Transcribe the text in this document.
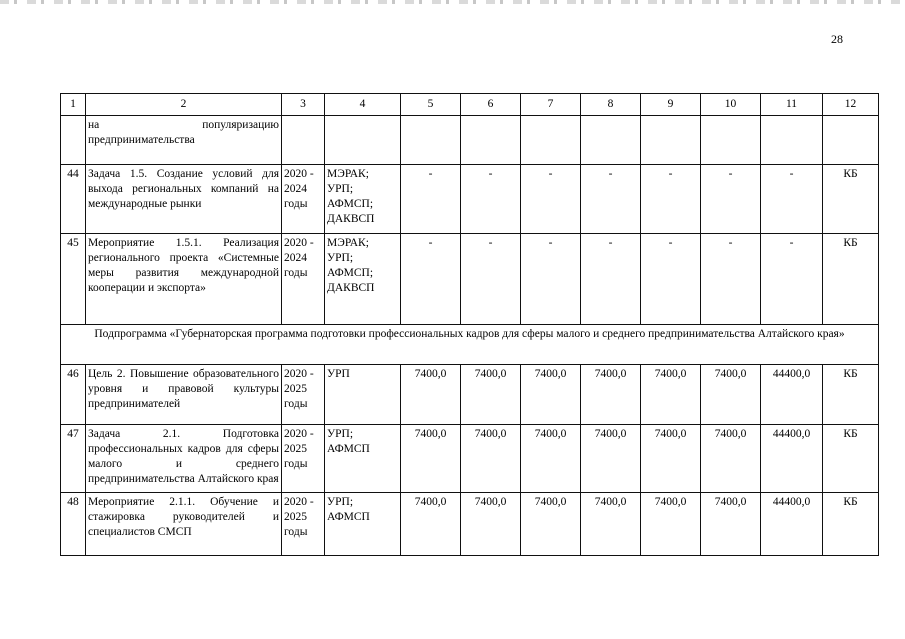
28
1	2	3	4	5	6	7	8	9	10	11	12
	на популяризацию предпринимательства										
44	Задача 1.5. Создание условий для выхода региональных компаний на международные рынки	2020 - 2024 годы	МЭРАК;
УРП;
АФМСП;
ДАКВСП	-	-	-	-	-	-	-	КБ
45	Мероприятие 1.5.1. Реализация регионального проекта «Системные меры развития международной кооперации и экспорта»	2020 - 2024 годы	МЭРАК;
УРП;
АФМСП;
ДАКВСП	-	-	-	-	-	-	-	КБ
Подпрограмма «Губернаторская программа подготовки профессиональных кадров для сферы малого и среднего предпринимательства Алтайского края»											
46	Цель 2. Повышение образовательного уровня и правовой культуры предпринимателей	2020 - 2025 годы	УРП	7400,0	7400,0	7400,0	7400,0	7400,0	7400,0	44400,0	КБ
47	Задача 2.1. Подготовка профессиональных кадров для сферы малого и среднего предпринимательства Алтайского края	2020 - 2025 годы	УРП;
АФМСП	7400,0	7400,0	7400,0	7400,0	7400,0	7400,0	44400,0	КБ
48	Мероприятие 2.1.1. Обучение и стажировка руководителей и специалистов СМСП	2020 - 2025 годы	УРП;
АФМСП	7400,0	7400,0	7400,0	7400,0	7400,0	7400,0	44400,0	КБ
